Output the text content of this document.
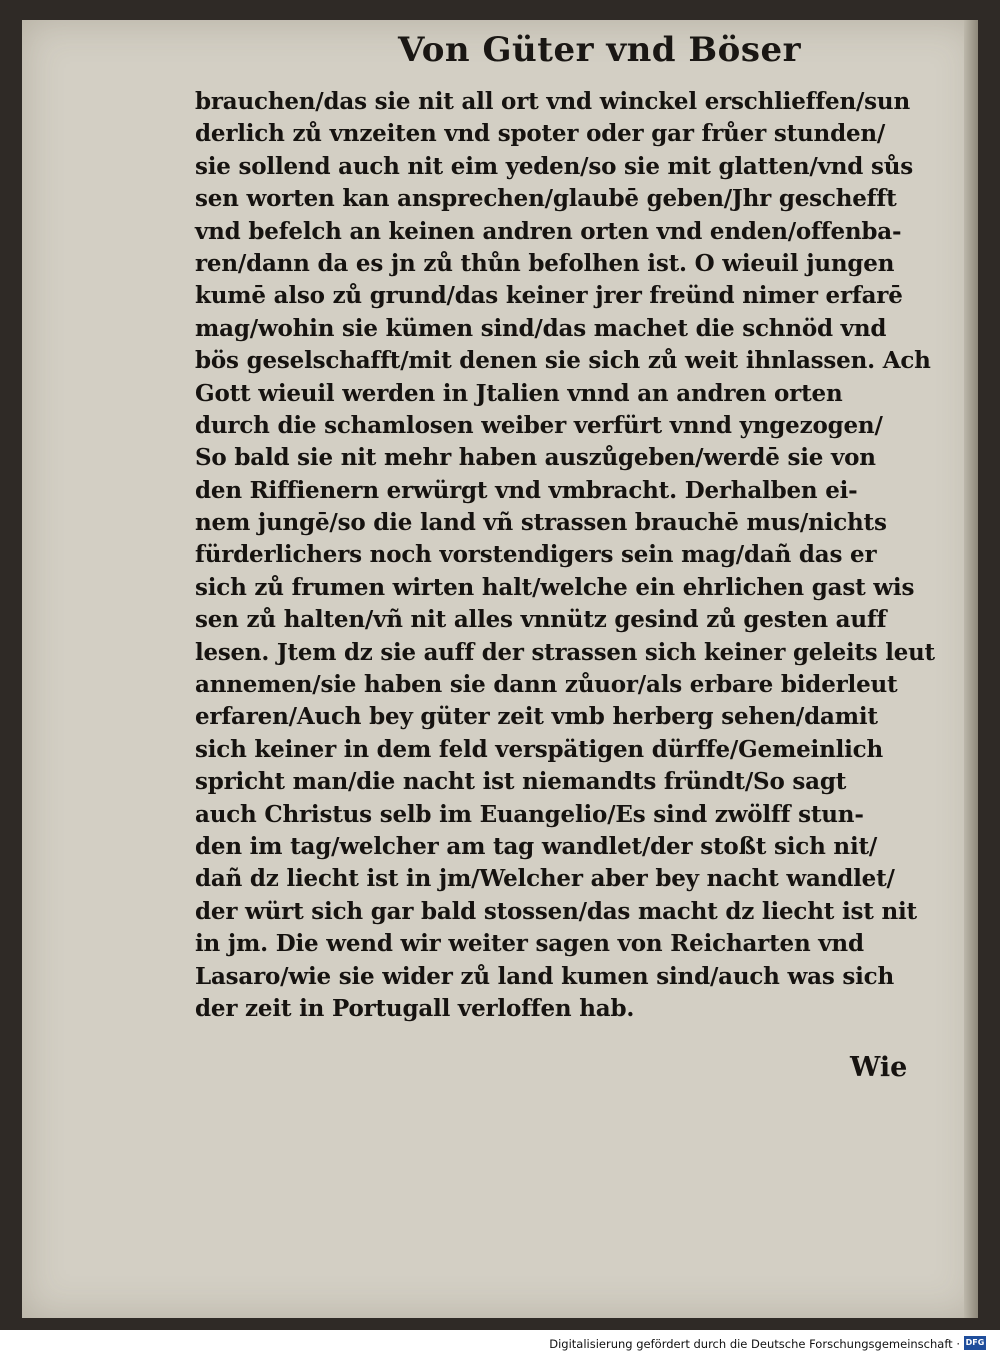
Von Güter vnd Böser
brauchen/das sie nit all ort vnd winckel erschlieffen/sun
derlich zů vnzeiten vnd spoter oder gar frůer stunden/
sie sollend auch nit eim yeden/so sie mit glatten/vnd sůs
sen worten kan ansprechen/glaubē geben/Jhr geschefft
vnd befelch an keinen andren orten vnd enden/offenba-
ren/dann da es jn zů thůn befolhen ist. O wieuil jungen
kumē also zů grund/das keiner jrer freünd nimer erfarē
mag/wohin sie kümen sind/das machet die schnöd vnd
bös geselschafft/mit denen sie sich zů weit ihnlassen. Ach
Gott wieuil werden in Jtalien vnnd an andren orten
durch die schamlosen weiber verfürt vnnd yngezogen/
So bald sie nit mehr haben auszůgeben/werdē sie von
den Riffienern erwürgt vnd vmbracht. Derhalben ei-
nem jungē/so die land vñ strassen brauchē mus/nichts
fürderlichers noch vorstendigers sein mag/dañ das er
sich zů frumen wirten halt/welche ein ehrlichen gast wis
sen zů halten/vñ nit alles vnnütz gesind zů gesten auff
lesen. Jtem dz sie auff der strassen sich keiner geleits leut
annemen/sie haben sie dann zůuor/als erbare biderleut
erfaren/Auch bey güter zeit vmb herberg sehen/damit
sich keiner in dem feld verspätigen dürffe/Gemeinlich
spricht man/die nacht ist niemandts fründt/So sagt
auch Christus selb im Euangelio/Es sind zwölff stun-
den im tag/welcher am tag wandlet/der stoßt sich nit/
dañ dz liecht ist in jm/Welcher aber bey nacht wandlet/
der würt sich gar bald stossen/das macht dz liecht ist nit
in jm. Die wend wir weiter sagen von Reicharten vnd
Lasaro/wie sie wider zů land kumen sind/auch was sich
der zeit in Portugall verloffen hab.
Wie
Digitalisierung gefördert durch die Deutsche Forschungsgemeinschaft · DFG
